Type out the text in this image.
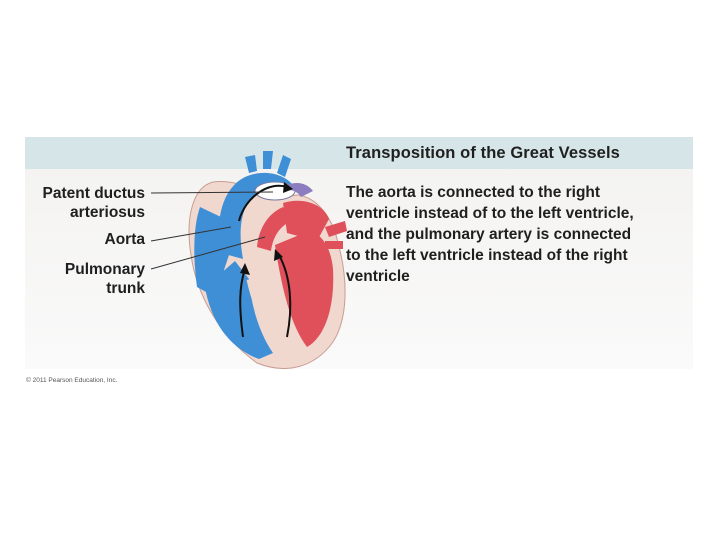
Transposition of the Great Vessels
The aorta is connected to the right
ventricle instead of to the left ventricle,
and the pulmonary artery is connected
to the left ventricle instead of the right
ventricle
Patent ductus
arteriosus
Aorta
Pulmonary
trunk
© 2011 Pearson Education, Inc.
